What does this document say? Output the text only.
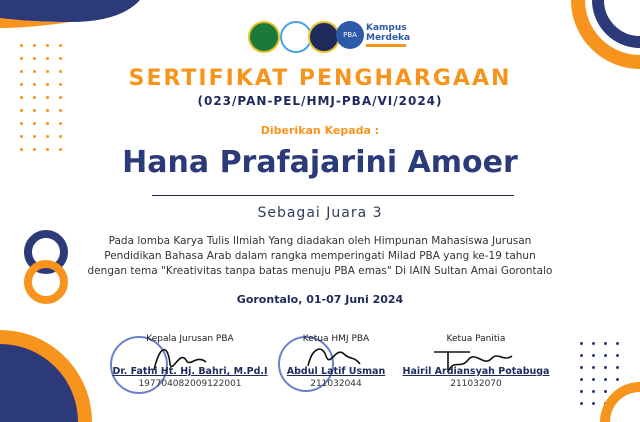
PBA
Kampus
Merdeka
SERTIFIKAT PENGHARGAAN
(023/PAN-PEL/HMJ-PBA/VI/2024)
Diberikan Kepada :
Hana Prafajarini Amoer
Sebagai Juara 3
Pada lomba Karya Tulis Ilmiah Yang diadakan oleh Himpunan Mahasiswa Jurusan
Pendidikan Bahasa Arab dalam rangka memperingati Milad PBA yang ke-19 tahun
dengan tema "Kreativitas tanpa batas menuju PBA emas" Di IAIN Sultan Amai Gorontalo
Gorontalo, 01-07 Juni 2024
Kepala Jurusan PBA
Dr. Fathi Ht. Hj. Bahri, M.Pd.I
197704082009122001
Ketua HMJ PBA
Abdul Latif Usman
211032044
Ketua Panitia
Hairil Ardiansyah Potabuga
211032070
